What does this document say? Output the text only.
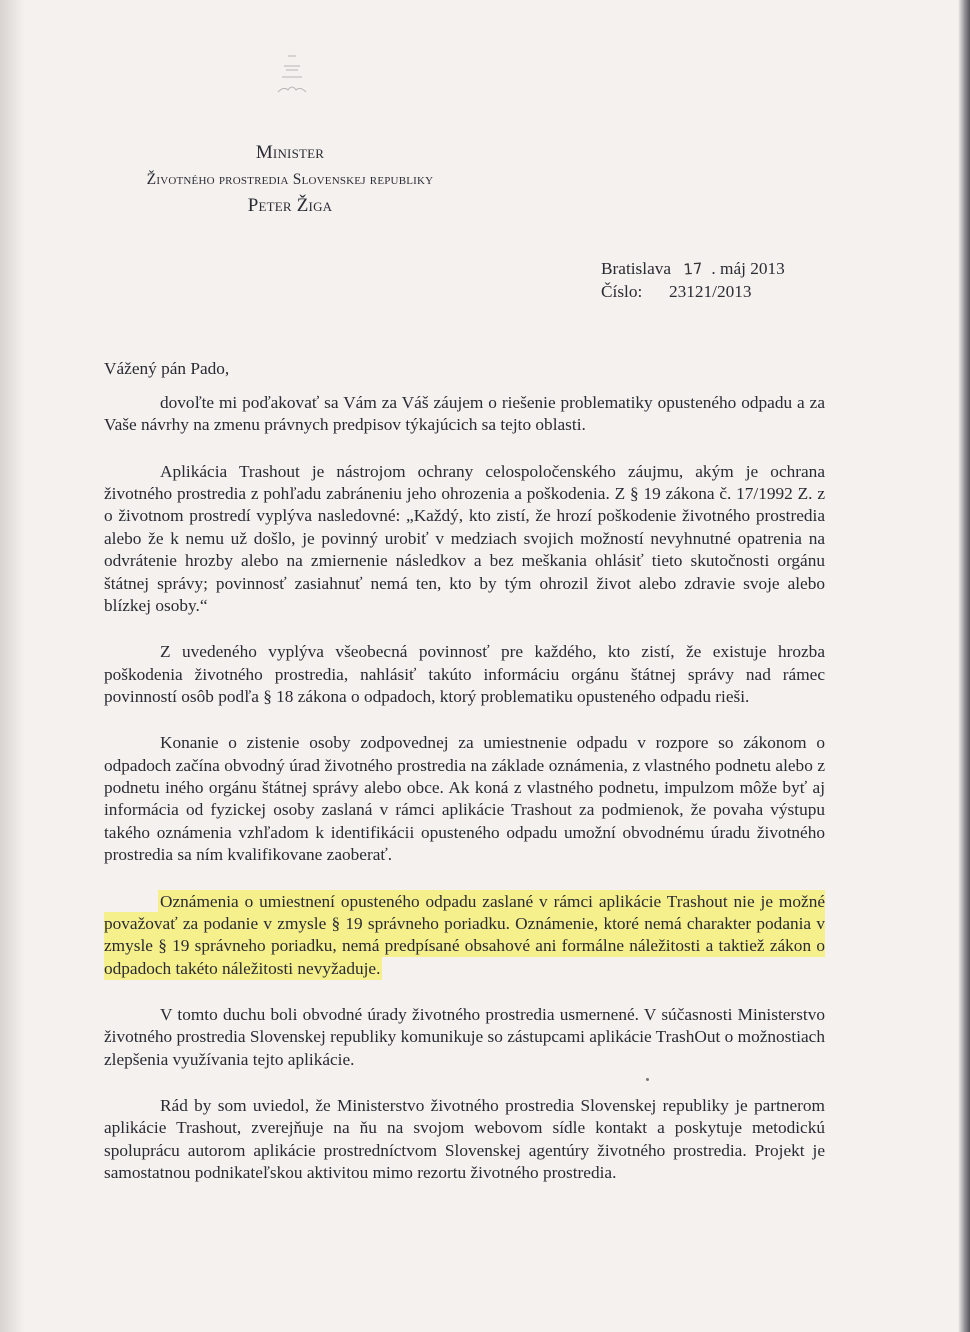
Minister
Životného prostredia Slovenskej republiky
Peter Žiga
Bratislava 17 . máj 2013
Číslo: 23121/2013
Vážený pán Pado,

dovoľte mi poďakovať sa Vám za Váš záujem o riešenie problematiky opusteného odpadu a za Vaše návrhy na zmenu právnych predpisov týkajúcich sa tejto oblasti.

Aplikácia Trashout je nástrojom ochrany celospoločenského záujmu, akým je ochrana životného prostredia z pohľadu zabráneniu jeho ohrozenia a poškodenia. Z § 19 zákona č. 17/1992 Z. z o životnom prostredí vyplýva nasledovné: „Každý, kto zistí, že hrozí poškodenie životného prostredia alebo že k nemu už došlo, je povinný urobiť v medziach svojich možností nevyhnutné opatrenia na odvrátenie hrozby alebo na zmiernenie následkov a bez meškania ohlásiť tieto skutočnosti orgánu štátnej správy; povinnosť zasiahnuť nemá ten, kto by tým ohrozil život alebo zdravie svoje alebo blízkej osoby.“

Z uvedeného vyplýva všeobecná povinnosť pre každého, kto zistí, že existuje hrozba poškodenia životného prostredia, nahlásiť takúto informáciu orgánu štátnej správy nad rámec povinností osôb podľa § 18 zákona o odpadoch, ktorý problematiku opusteného odpadu rieši.

Konanie o zistenie osoby zodpovednej za umiestnenie odpadu v rozpore so zákonom o odpadoch začína obvodný úrad životného prostredia na základe oznámenia, z vlastného podnetu alebo z podnetu iného orgánu štátnej správy alebo obce. Ak koná z vlastného podnetu, impulzom môže byť aj informácia od fyzickej osoby zaslaná v rámci aplikácie Trashout za podmienok, že povaha výstupu takého oznámenia vzhľadom k identifikácii opusteného odpadu umožní obvodnému úradu životného prostredia sa ním kvalifikovane zaoberať.

Oznámenia o umiestnení opusteného odpadu zaslané v rámci aplikácie Trashout nie je možné považovať za podanie v zmysle § 19 správneho poriadku. Oznámenie, ktoré nemá charakter podania v zmysle § 19 správneho poriadku, nemá predpísané obsahové ani formálne náležitosti a taktiež zákon o odpadoch takéto náležitosti nevyžaduje.

V tomto duchu boli obvodné úrady životného prostredia usmernené. V súčasnosti Ministerstvo životného prostredia Slovenskej republiky komunikuje so zástupcami aplikácie TrashOut o možnostiach zlepšenia využívania tejto aplikácie.

Rád by som uviedol, že Ministerstvo životného prostredia Slovenskej republiky je partnerom aplikácie Trashout, zverejňuje na ňu na svojom webovom sídle kontakt a poskytuje metodickú spoluprácu autorom aplikácie prostredníctvom Slovenskej agentúry životného prostredia. Projekt je samostatnou podnikateľskou aktivitou mimo rezortu životného prostredia.
